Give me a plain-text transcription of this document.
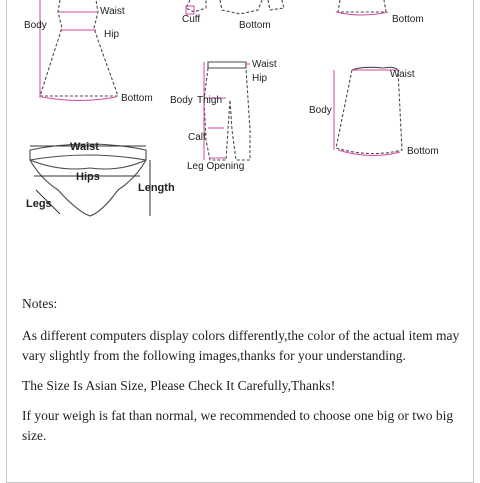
Body
Waist
Hip
Bottom
Cuff
Bottom
Bottom
Waist
Hip
Body Thigh
Calf
Leg Opening
Waist
Body
Bottom
Waist
Hips
Length
Legs

Notes:

As different computers display colors differently,the color of the actual item may vary slightly from the following images,thanks for your understanding.

The Size Is Asian Size, Please Check It Carefully,Thanks!

If your weigh is fat than normal, we recommended to choose one big or two big size.
